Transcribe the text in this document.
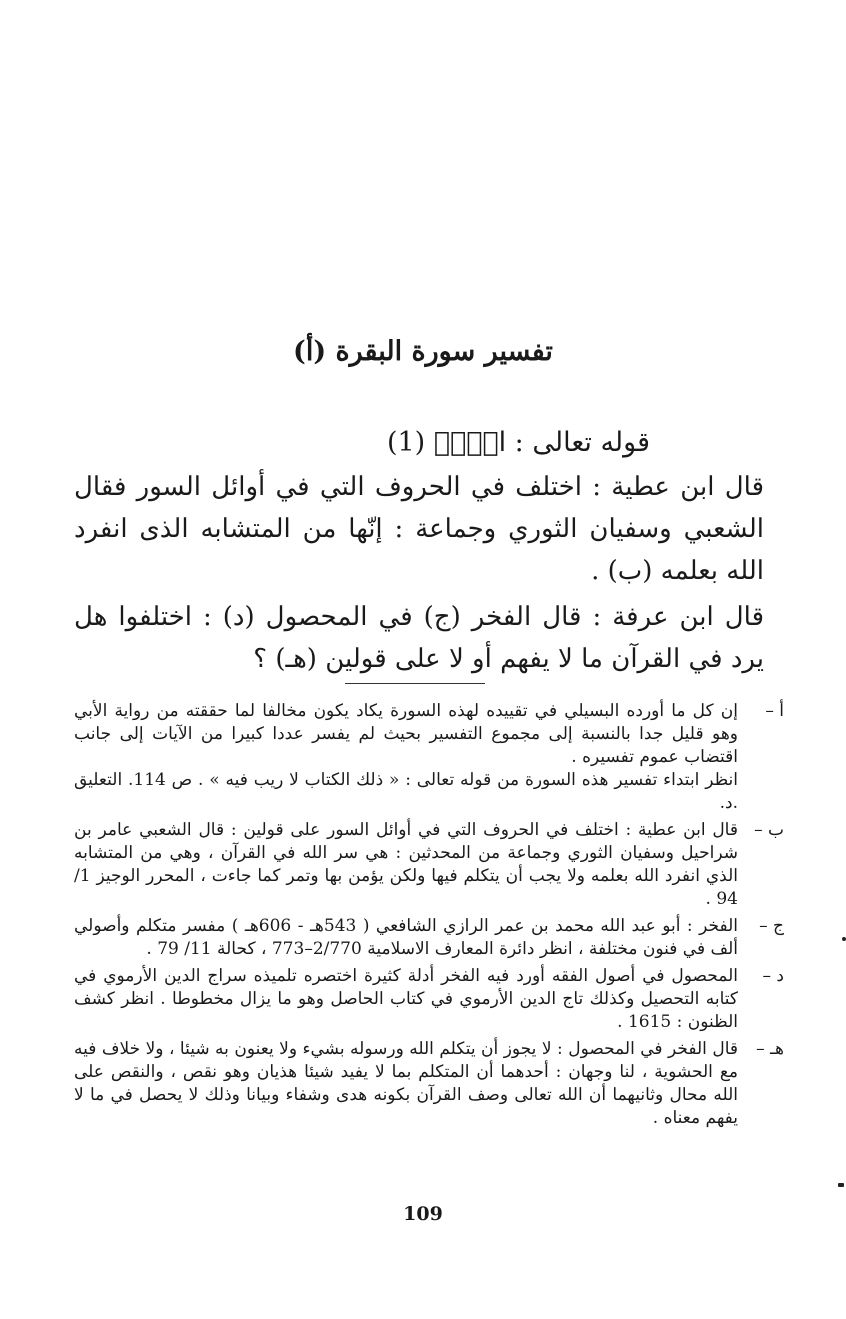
تفسير سورة البقرة (أ)
قوله تعالى : الۤمۤ (1)

قال ابن عطية : اختلف في الحروف التي في أوائل السور فقال الشعبي وسفيان الثوري وجماعة : إنّها من المتشابه الذى انفرد الله بعلمه (ب) .

قال ابن عرفة : قال الفخر (ج) في المحصول (د) : اختلفوا هل يرد في القرآن ما لا يفهم أو لا على قولين (هـ) ؟

أ –

إن كل ما أورده البسيلي في تقييده لهذه السورة يكاد يكون مخالفا لما حققته من رواية الأبي وهو قليل جدا بالنسبة إلى مجموع التفسير بحيث لم يفسر عددا كبيرا من الآيات إلى جانب اقتضاب عموم تفسيره .

انظر ابتداء تفسير هذه السورة من قوله تعالى : « ذلك الكتاب لا ريب فيه » . ص 114. التعليق .د.

ب –

قال ابن عطية : اختلف في الحروف التي في أوائل السور على قولين : قال الشعبي عامر بن شراحيل وسفيان الثوري وجماعة من المحدثين : هي سر الله في القرآن ، وهي من المتشابه الذي انفرد الله بعلمه ولا يجب أن يتكلم فيها ولكن يؤمن بها وتمر كما جاءت ، المحرر الوجيز 1/ 94 .

ج –

الفخر : أبو عبد الله محمد بن عمر الرازي الشافعي ( 543هـ - 606هـ ) مفسر متكلم وأصولي ألف في فنون مختلفة ، انظر دائرة المعارف الاسلامية 2/770–773 ، كحالة 11/ 79 .

د –

المحصول في أصول الفقه أورد فيه الفخر أدلة كثيرة اختصره تلميذه سراج الدين الأرموي في كتابه التحصيل وكذلك تاج الدين الأرموي في كتاب الحاصل وهو ما يزال مخطوطا . انظر كشف الظنون : 1615 .

هـ –

قال الفخر في المحصول : لا يجوز أن يتكلم الله ورسوله بشيء ولا يعنون به شيئا ، ولا خلاف فيه مع الحشوية ، لنا وجهان : أحدهما أن المتكلم بما لا يفيد شيئا هذيان وهو نقص ، والنقص على الله محال وثانيهما أن الله تعالى وصف القرآن بكونه هدى وشفاء وبيانا وذلك لا يحصل في ما لا يفهم معناه .

109
